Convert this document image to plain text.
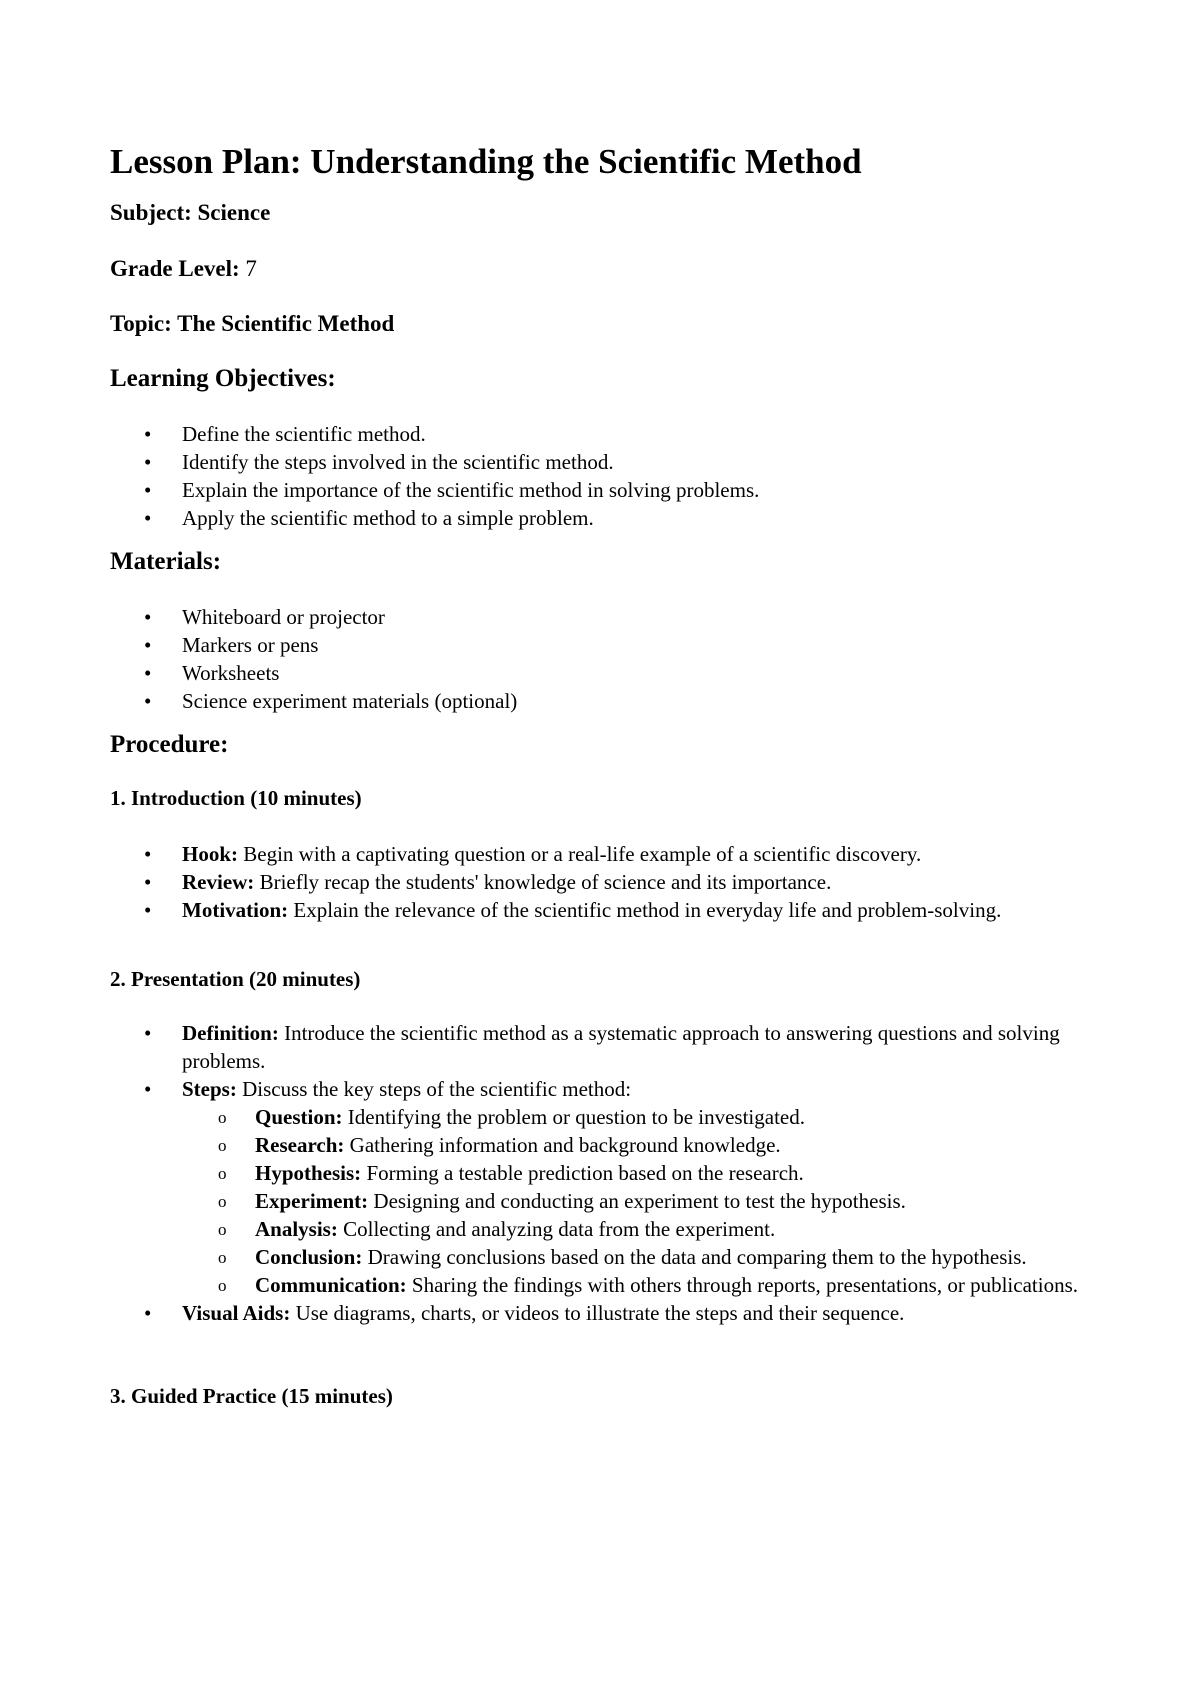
Lesson Plan: Understanding the Scientific Method

Subject: Science

Grade Level: 7

Topic: The Scientific Method

Learning Objectives:
• Define the scientific method.
• Identify the steps involved in the scientific method.
• Explain the importance of the scientific method in solving problems.
• Apply the scientific method to a simple problem.
Materials:
• Whiteboard or projector
• Markers or pens
• Worksheets
• Science experiment materials (optional)
Procedure:
1. Introduction (10 minutes)
• Hook: Begin with a captivating question or a real-life example of a scientific discovery.
• Review: Briefly recap the students' knowledge of science and its importance.
• Motivation: Explain the relevance of the scientific method in everyday life and problem-solving.
2. Presentation (20 minutes)
• Definition: Introduce the scientific method as a systematic approach to answering questions and solving problems.
• Steps: Discuss the key steps of the scientific method:
o Question: Identifying the problem or question to be investigated.
o Research: Gathering information and background knowledge.
o Hypothesis: Forming a testable prediction based on the research.
o Experiment: Designing and conducting an experiment to test the hypothesis.
o Analysis: Collecting and analyzing data from the experiment.
o Conclusion: Drawing conclusions based on the data and comparing them to the hypothesis.
o Communication: Sharing the findings with others through reports, presentations, or publications.
• Visual Aids: Use diagrams, charts, or videos to illustrate the steps and their sequence.
3. Guided Practice (15 minutes)
